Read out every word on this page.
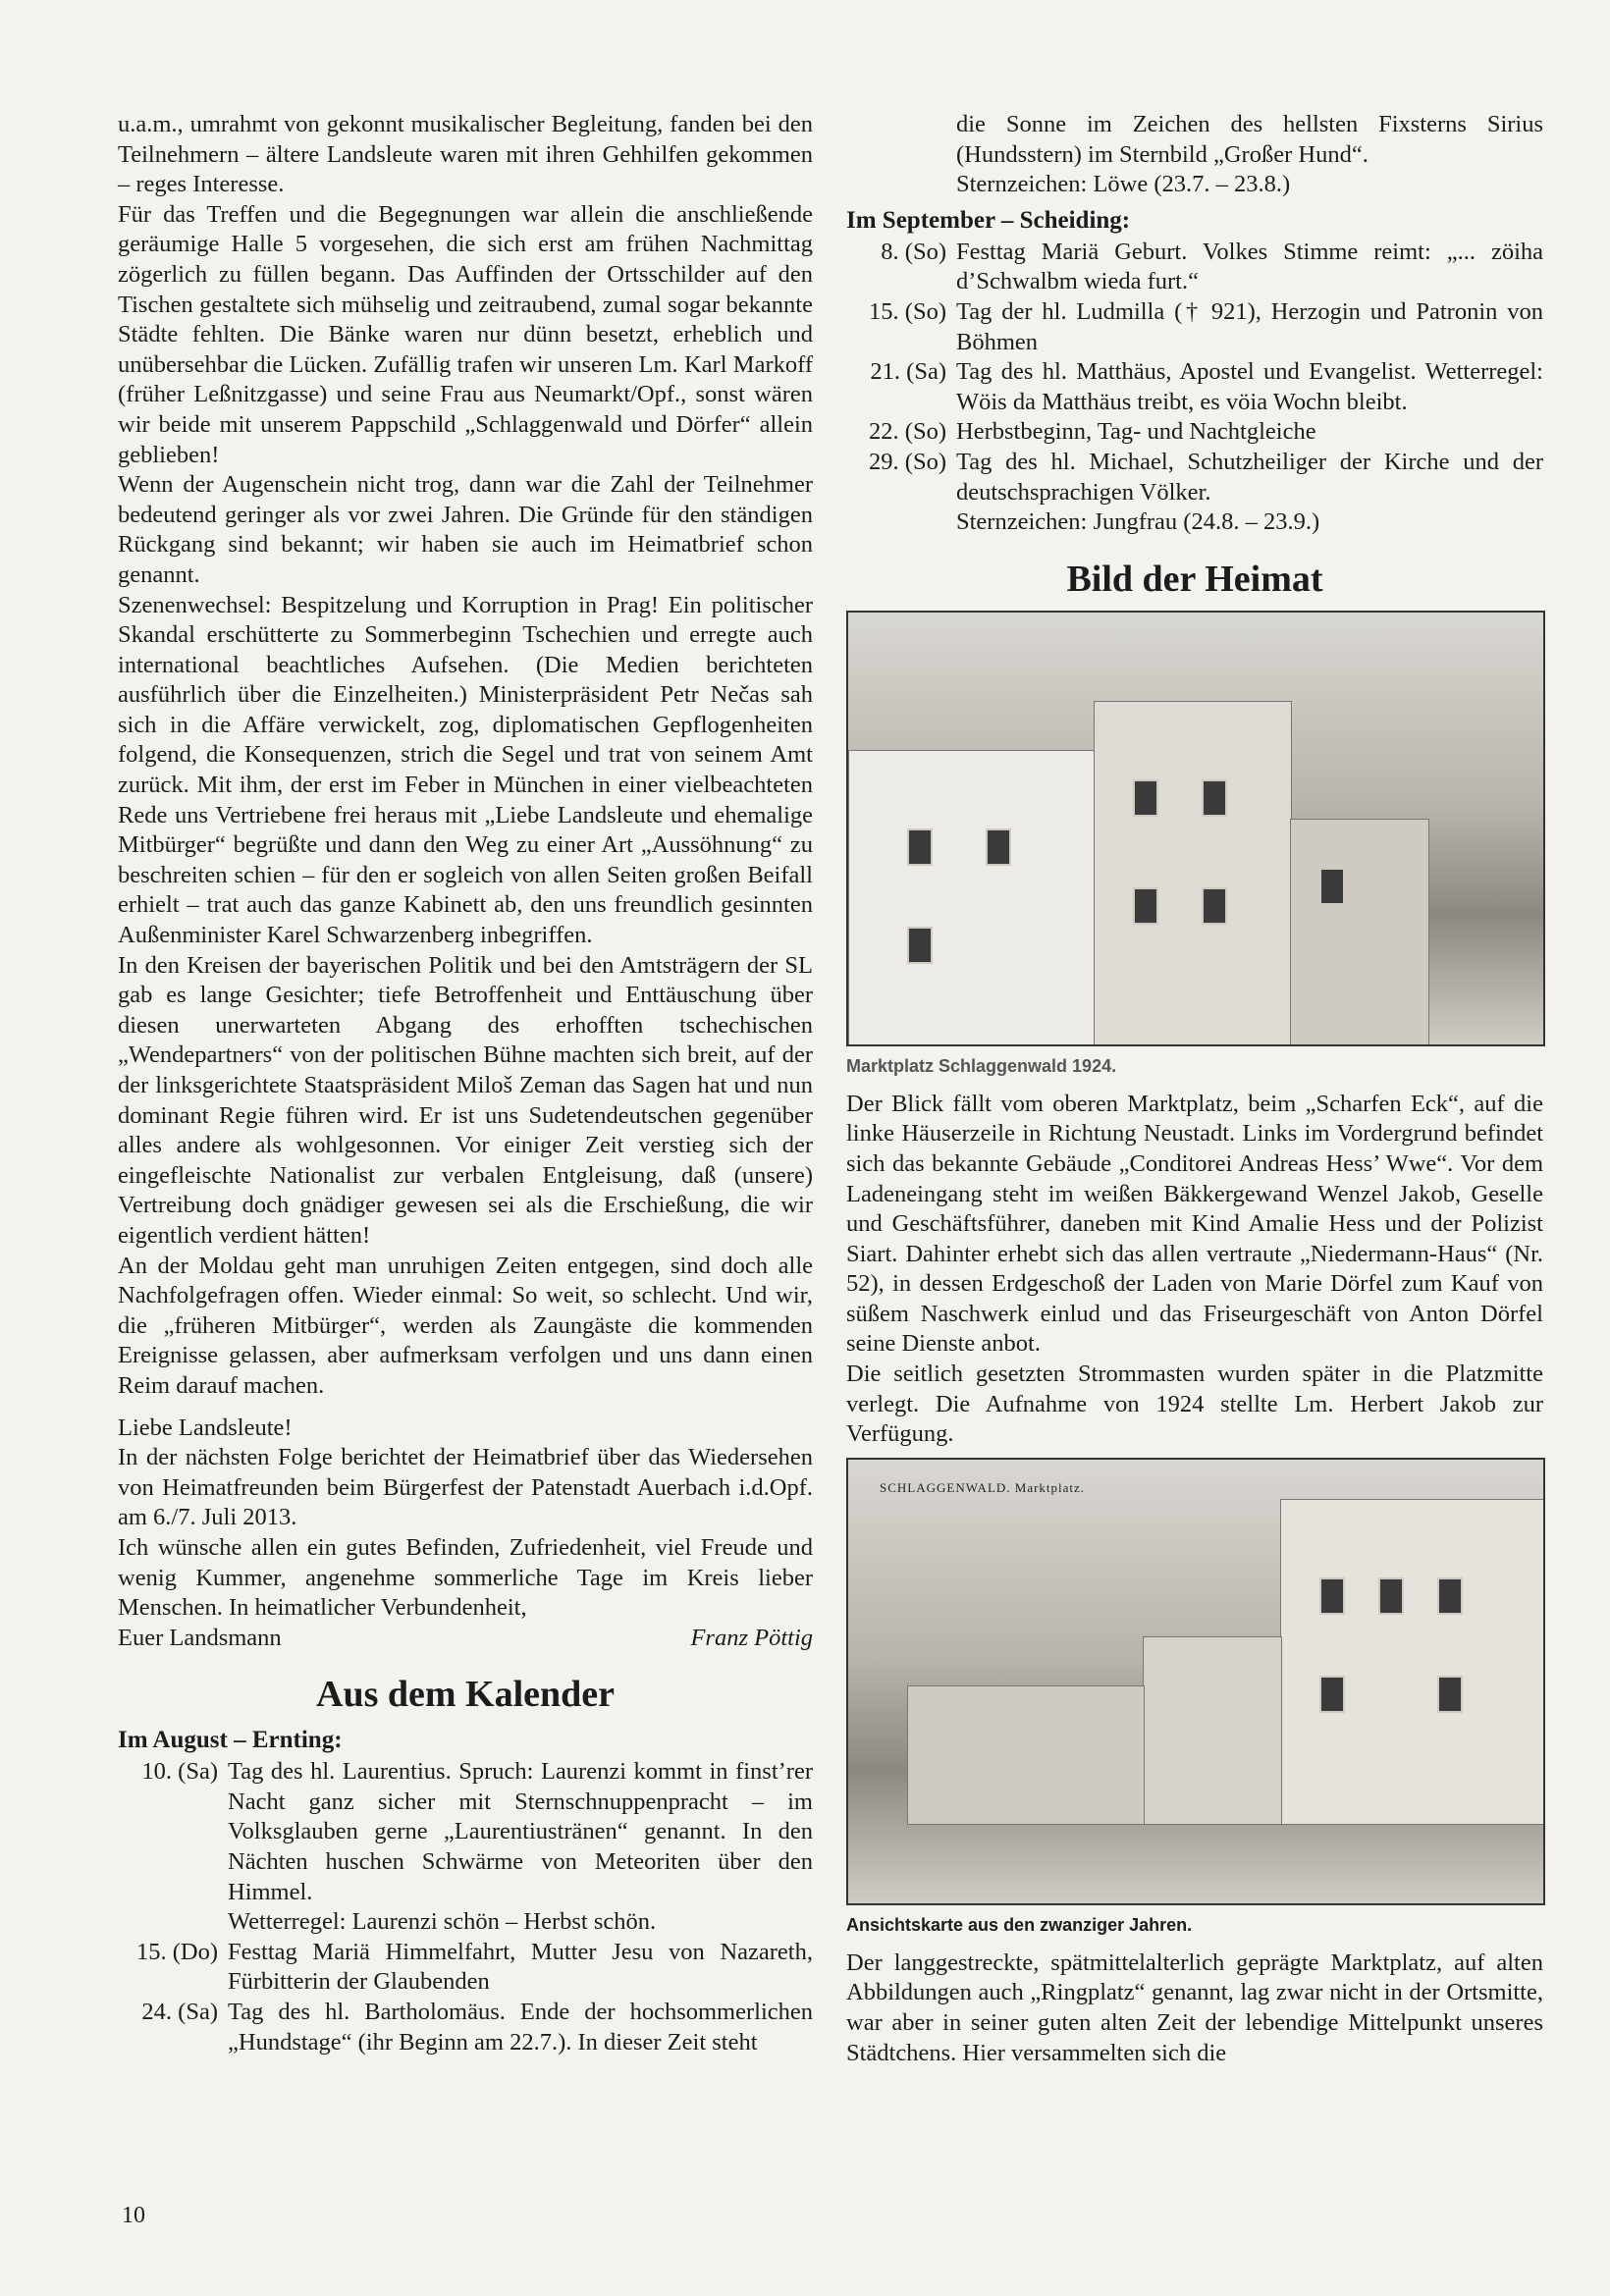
u.a.m., umrahmt von gekonnt musikalischer Begleitung, fanden bei den Teilnehmern – ältere Landsleute waren mit ihren Gehhilfen gekommen – reges Interesse.

Für das Treffen und die Begegnungen war allein die anschließende geräumige Halle 5 vorgesehen, die sich erst am frühen Nachmittag zögerlich zu füllen begann. Das Auffinden der Ortsschilder auf den Tischen gestaltete sich mühselig und zeitraubend, zumal sogar bekannte Städte fehlten. Die Bänke waren nur dünn besetzt, erheblich und unübersehbar die Lücken. Zufällig trafen wir unseren Lm. Karl Markoff (früher Leßnitzgasse) und seine Frau aus Neumarkt/Opf., sonst wären wir beide mit unserem Pappschild „Schlaggenwald und Dörfer“ allein geblieben!

Wenn der Augenschein nicht trog, dann war die Zahl der Teilnehmer bedeutend geringer als vor zwei Jahren. Die Gründe für den ständigen Rückgang sind bekannt; wir haben sie auch im Heimatbrief schon genannt.

Szenenwechsel: Bespitzelung und Korruption in Prag! Ein politischer Skandal erschütterte zu Sommerbeginn Tschechien und erregte auch international beachtliches Aufsehen. (Die Medien berichteten ausführlich über die Einzelheiten.) Ministerpräsident Petr Nečas sah sich in die Affäre verwickelt, zog, diplomatischen Gepflogenheiten folgend, die Konsequenzen, strich die Segel und trat von seinem Amt zurück. Mit ihm, der erst im Feber in München in einer vielbeachteten Rede uns Vertriebene frei heraus mit „Liebe Landsleute und ehemalige Mitbürger“ begrüßte und dann den Weg zu einer Art „Aussöhnung“ zu beschreiten schien – für den er sogleich von allen Seiten großen Beifall erhielt – trat auch das ganze Kabinett ab, den uns freundlich gesinnten Außenminister Karel Schwarzenberg inbegriffen.

In den Kreisen der bayerischen Politik und bei den Amtsträgern der SL gab es lange Gesichter; tiefe Betroffenheit und Enttäuschung über diesen unerwarteten Abgang des erhofften tschechischen „Wendepartners“ von der politischen Bühne machten sich breit, auf der der linksgerichtete Staatspräsident Miloš Zeman das Sagen hat und nun dominant Regie führen wird. Er ist uns Sudetendeutschen gegenüber alles andere als wohlgesonnen. Vor einiger Zeit verstieg sich der eingefleischte Nationalist zur verbalen Entgleisung, daß (unsere) Vertreibung doch gnädiger gewesen sei als die Erschießung, die wir eigentlich verdient hätten!

An der Moldau geht man unruhigen Zeiten entgegen, sind doch alle Nachfolgefragen offen. Wieder einmal: So weit, so schlecht. Und wir, die „früheren Mitbürger“, werden als Zaungäste die kommenden Ereignisse gelassen, aber aufmerksam verfolgen und uns dann einen Reim darauf machen.

Liebe Landsleute!

In der nächsten Folge berichtet der Heimatbrief über das Wiedersehen von Heimatfreunden beim Bürgerfest der Patenstadt Auerbach i.d.Opf. am 6./7. Juli 2013.

Ich wünsche allen ein gutes Befinden, Zufriedenheit, viel Freude und wenig Kummer, angenehme sommerliche Tage im Kreis lieber Menschen. In heimatlicher Verbundenheit,

Euer Landsmann	Franz Pöttig
Aus dem Kalender
Im August – Ernting:
10. (Sa) Tag des hl. Laurentius. Spruch: Laurenzi kommt in finst’rer Nacht ganz sicher mit Sternschnuppenpracht – im Volksglauben gerne „Laurentiustränen“ genannt. In den Nächten huschen Schwärme von Meteoriten über den Himmel.

Wetterregel: Laurenzi schön – Herbst schön.

15. (Do) Festtag Mariä Himmelfahrt, Mutter Jesu von Nazareth, Fürbitterin der Glaubenden

24. (Sa) Tag des hl. Bartholomäus. Ende der hochsommerlichen „Hundstage“ (ihr Beginn am 22.7.). In dieser Zeit steht

die Sonne im Zeichen des hellsten Fixsterns Sirius (Hundsstern) im Sternbild „Großer Hund“.

Sternzeichen: Löwe (23.7. – 23.8.)

Im September – Scheiding:
8. (So) Festtag Mariä Geburt. Volkes Stimme reimt: „... zöiha d’Schwalbm wieda furt.“

15. (So) Tag der hl. Ludmilla († 921), Herzogin und Patronin von Böhmen

21. (Sa) Tag des hl. Matthäus, Apostel und Evangelist. Wetterregel: Wöis da Matthäus treibt, es vöia Wochn bleibt.

22. (So) Herbstbeginn, Tag- und Nachtgleiche

29. (So) Tag des hl. Michael, Schutzheiliger der Kirche und der deutschsprachigen Völker.

Sternzeichen: Jungfrau (24.8. – 23.9.)

Bild der Heimat
Marktplatz Schlaggenwald 1924.

Der Blick fällt vom oberen Marktplatz, beim „Scharfen Eck“, auf die linke Häuserzeile in Richtung Neustadt. Links im Vordergrund befindet sich das bekannte Gebäude „Conditorei Andreas Hess’ Wwe“. Vor dem Ladeneingang steht im weißen Bäkkergewand Wenzel Jakob, Geselle und Geschäftsführer, daneben mit Kind Amalie Hess und der Polizist Siart. Dahinter erhebt sich das allen vertraute „Niedermann-Haus“ (Nr. 52), in dessen Erdgeschoß der Laden von Marie Dörfel zum Kauf von süßem Naschwerk einlud und das Friseurgeschäft von Anton Dörfel seine Dienste anbot.

Die seitlich gesetzten Strommasten wurden später in die Platzmitte verlegt. Die Aufnahme von 1924 stellte Lm. Herbert Jakob zur Verfügung.

SCHLAGGENWALD. Marktplatz.
Ansichtskarte aus den zwanziger Jahren.

Der langgestreckte, spätmittelalterlich geprägte Marktplatz, auf alten Abbildungen auch „Ringplatz“ genannt, lag zwar nicht in der Ortsmitte, war aber in seiner guten alten Zeit der lebendige Mittelpunkt unseres Städtchens. Hier versammelten sich die

10
